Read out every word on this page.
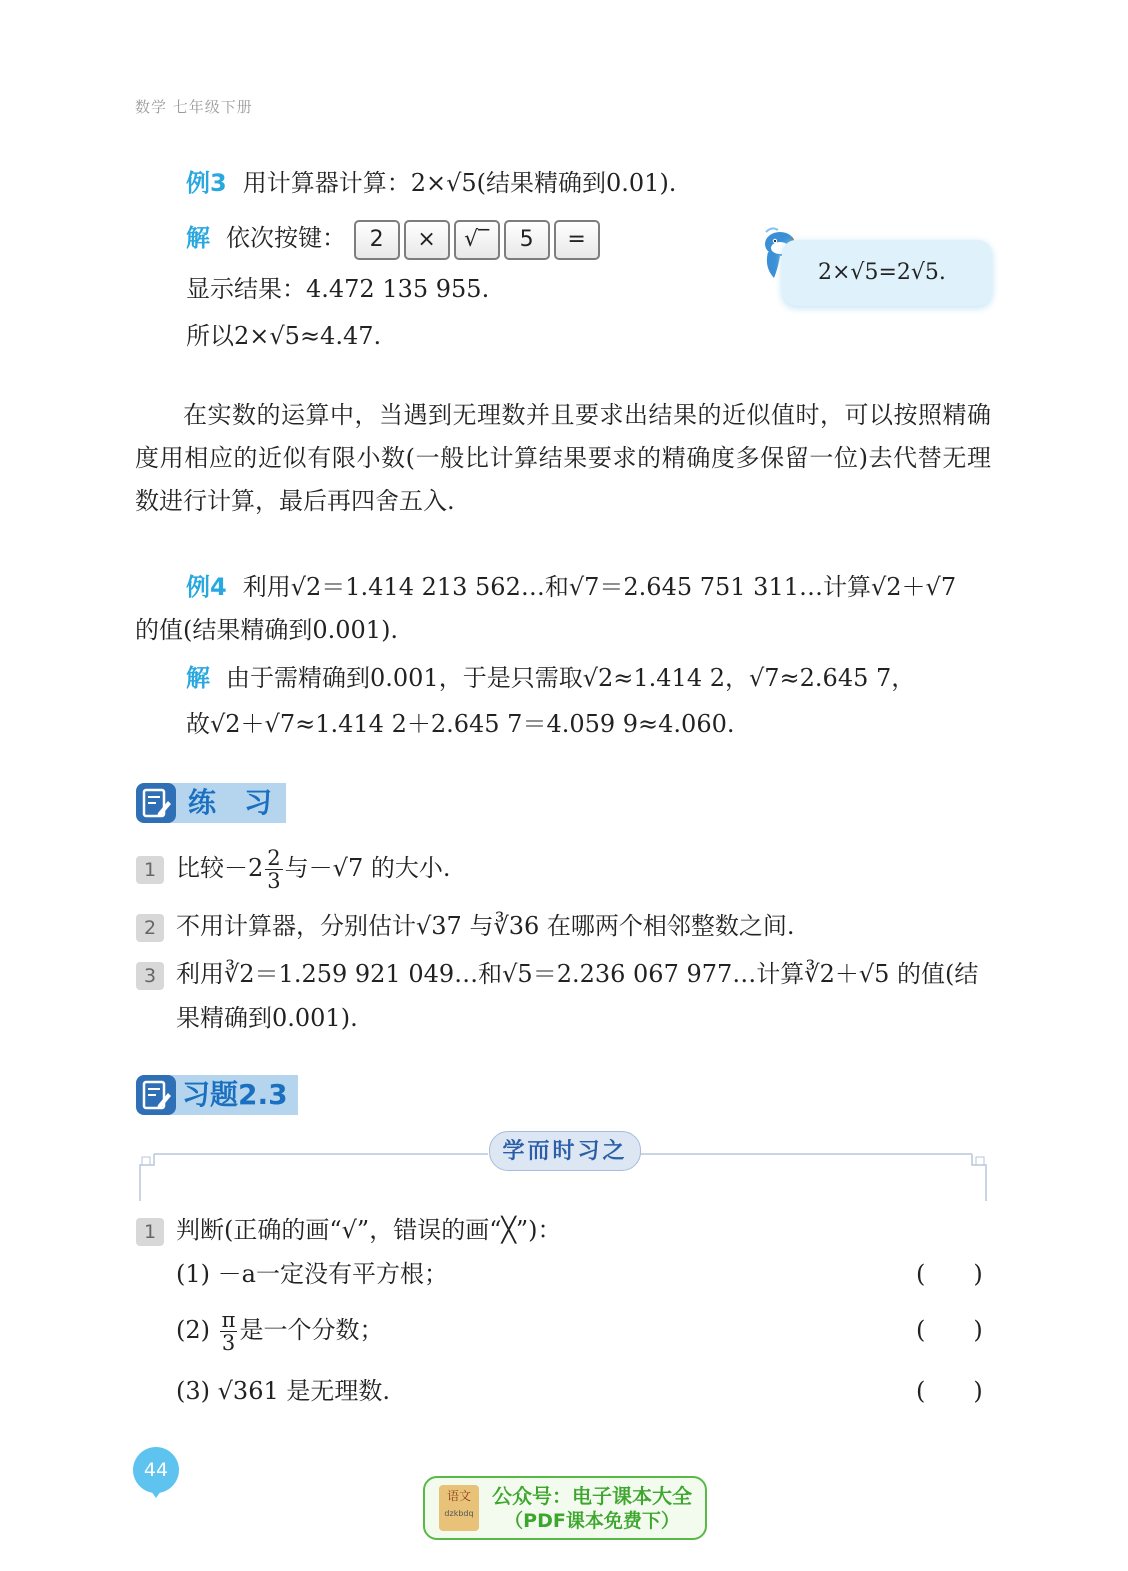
数学 七年级下册
例3 用计算器计算：2×√5(结果精确到0.01).
解 依次按键： 2 × √‾ 5 =
显示结果：4.472 135 955.
所以2×√5≈4.47.
2×√5=2√5.
在实数的运算中，当遇到无理数并且要求出结果的近似值时，可以按照精确度用相应的近似有限小数(一般比计算结果要求的精确度多保留一位)去代替无理数进行计算，最后再四舍五入.
例4 利用√2＝1.414 213 562…和√7＝2.645 751 311…计算√2＋√7
的值(结果精确到0.001).
解 由于需精确到0.001，于是只需取√2≈1.414 2，√7≈2.645 7，
故√2＋√7≈1.414 2＋2.645 7＝4.059 9≈4.060.
练　习
1 比较$-2 \frac{2}{3}$ 与－√7 的大小.
2 不用计算器，分别估计√37 与∛36 在哪两个相邻整数之间.
3 利用∛2＝1.259 921 049…和√5＝2.236 067 977…计算∛2＋√5 的值(结
果精确到0.001).
习题2.3
学而时习之
1 判断(正确的画“√”，错误的画“╳”)：
(1) －a一定没有平方根；	(　　)
$(2) \frac{\pi}{3}$ 是一个分数；	(　　)
(3) √361 是无理数.	(　　)
44
语文
dzkbdq
公众号：电子课本大全
（PDF课本免费下）
